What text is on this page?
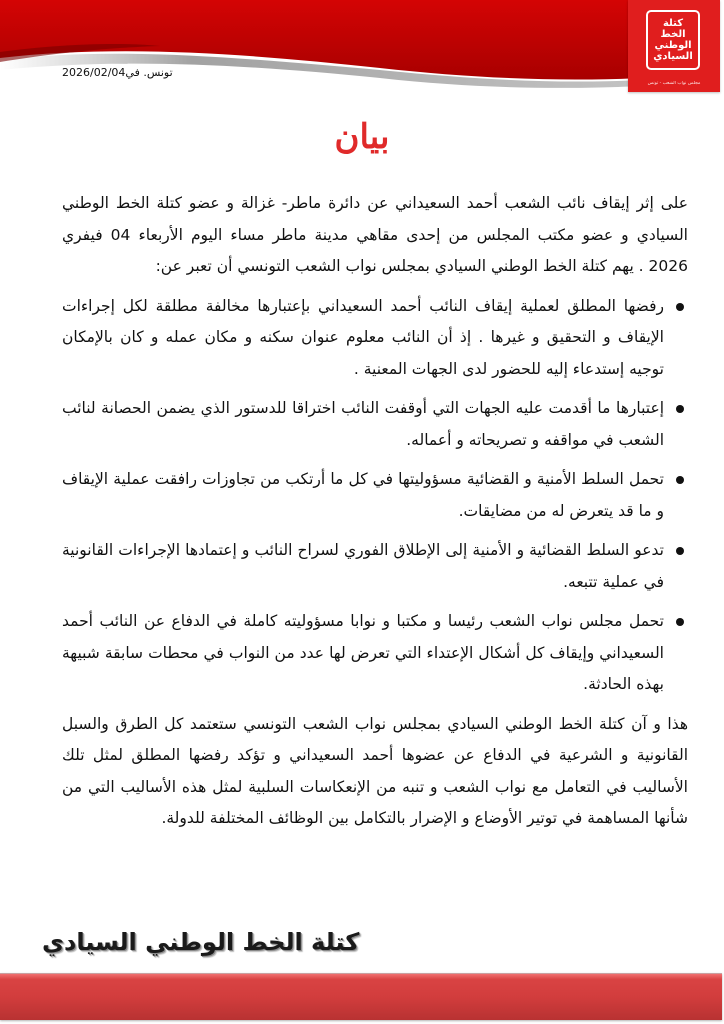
كتلة
الخط
الوطني
السيادي
مجلس نواب الشعب - تونس
تونس. في2026/02/04
بيان

على إثر إيقاف نائب الشعب أحمد السعيداني عن دائرة ماطر- غزالة و عضو كتلة الخط الوطني السيادي و عضو مكتب المجلس من إحدى مقاهي مدينة ماطر مساء اليوم الأربعاء 04 فيفري 2026 . يهم كتلة الخط الوطني السيادي بمجلس نواب الشعب التونسي أن تعبر عن:

رفضها المطلق لعملية إيقاف النائب أحمد السعيداني بإعتبارها مخالفة مطلقة لكل إجراءات الإيقاف و التحقيق و غيرها . إذ أن النائب معلوم عنوان سكنه و مكان عمله و كان بالإمكان توجيه إستدعاء إليه للحضور لدى الجهات المعنية .
إعتبارها ما أقدمت عليه الجهات التي أوقفت النائب اختراقا للدستور الذي يضمن الحصانة لنائب الشعب في مواقفه و تصريحاته و أعماله.
تحمل السلط الأمنية و القضائية مسؤوليتها في كل ما أرتكب من تجاوزات رافقت عملية الإيقاف و ما قد يتعرض له من مضايقات.
تدعو السلط القضائية و الأمنية إلى الإطلاق الفوري لسراح النائب و إعتمادها الإجراءات القانونية في عملية تتبعه.
تحمل مجلس نواب الشعب رئيسا و مكتبا و نوابا مسؤوليته كاملة في الدفاع عن النائب أحمد السعيداني وإيقاف كل أشكال الإعتداء التي تعرض لها عدد من النواب في محطات سابقة شبيهة بهذه الحادثة.

هذا و آن كتلة الخط الوطني السيادي بمجلس نواب الشعب التونسي ستعتمد كل الطرق والسبل القانونية و الشرعية في الدفاع عن عضوها أحمد السعيداني و تؤكد رفضها المطلق لمثل تلك الأساليب في التعامل مع نواب الشعب و تنبه من الإنعكاسات السلبية لمثل هذه الأساليب التي من شأنها المساهمة في توتير الأوضاع و الإضرار بالتكامل بين الوظائف المختلفة للدولة.

كتلة الخط الوطني السيادي
